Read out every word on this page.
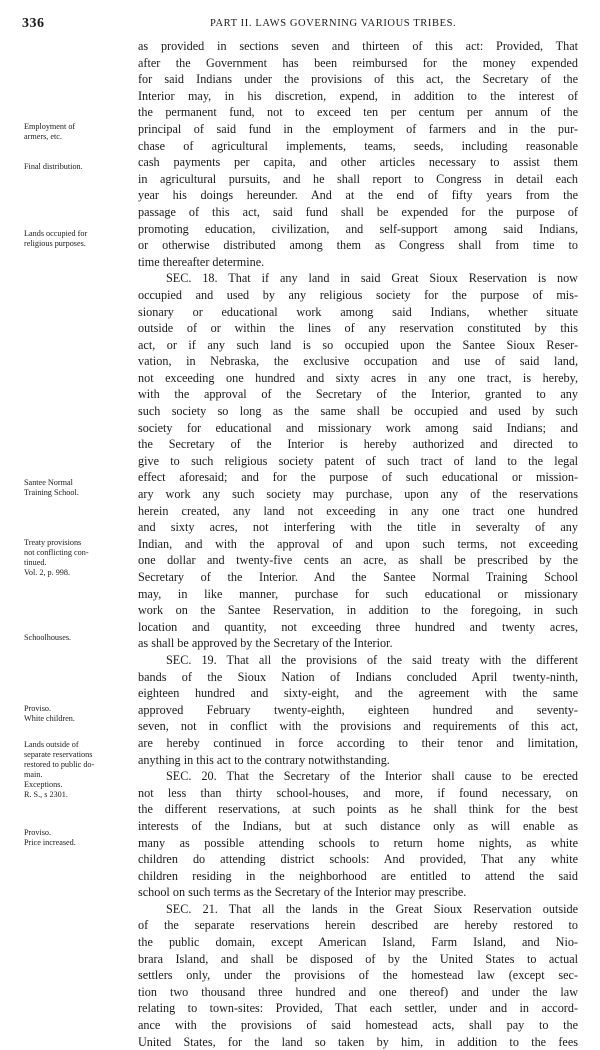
336	PART II. LAWS GOVERNING VARIOUS TRIBES.
Employment of
armers, etc.
Final distribution.
Lands occupied for
religious purposes.
Santee Normal
Training School.
Treaty provisions
not conflicting con-
tinued.
Vol. 2, p. 998.
Schoolhouses.
Proviso.
White children.
Lands outside of
separate reservations
restored to public do-
main.
Exceptions.
R. S., s 2301.
Proviso.
Price increased.
as provided in sections seven and thirteen of this act: Provided, That
after the Government has been reimbursed for the money expended
for said Indians under the provisions of this act, the Secretary of the
Interior may, in his discretion, expend, in addition to the interest of
the permanent fund, not to exceed ten per centum per annum of the
principal of said fund in the employment of farmers and in the pur-
chase of agricultural implements, teams, seeds, including reasonable
cash payments per capita, and other articles necessary to assist them
in agricultural pursuits, and he shall report to Congress in detail each
year his doings hereunder. And at the end of fifty years from the
passage of this act, said fund shall be expended for the purpose of
promoting education, civilization, and self-support among said Indians,
or otherwise distributed among them as Congress shall from time to
time thereafter determine.
SEC. 18. That if any land in said Great Sioux Reservation is now
occupied and used by any religious society for the purpose of mis-
sionary or educational work among said Indians, whether situate
outside of or within the lines of any reservation constituted by this
act, or if any such land is so occupied upon the Santee Sioux Reser-
vation, in Nebraska, the exclusive occupation and use of said land,
not exceeding one hundred and sixty acres in any one tract, is hereby,
with the approval of the Secretary of the Interior, granted to any
such society so long as the same shall be occupied and used by such
society for educational and missionary work among said Indians; and
the Secretary of the Interior is hereby authorized and directed to
give to such religious society patent of such tract of land to the legal
effect aforesaid; and for the purpose of such educational or mission-
ary work any such society may purchase, upon any of the reservations
herein created, any land not exceeding in any one tract one hundred
and sixty acres, not interfering with the title in severalty of any
Indian, and with the approval of and upon such terms, not exceeding
one dollar and twenty-five cents an acre, as shall be prescribed by the
Secretary of the Interior. And the Santee Normal Training School
may, in like manner, purchase for such educational or missionary
work on the Santee Reservation, in addition to the foregoing, in such
location and quantity, not exceeding three hundred and twenty acres,
as shall be approved by the Secretary of the Interior.
SEC. 19. That all the provisions of the said treaty with the different
bands of the Sioux Nation of Indians concluded April twenty-ninth,
eighteen hundred and sixty-eight, and the agreement with the same
approved February twenty-eighth, eighteen hundred and seventy-
seven, not in conflict with the provisions and requirements of this act,
are hereby continued in force according to their tenor and limitation,
anything in this act to the contrary notwithstanding.
SEC. 20. That the Secretary of the Interior shall cause to be erected
not less than thirty school-houses, and more, if found necessary, on
the different reservations, at such points as he shall think for the best
interests of the Indians, but at such distance only as will enable as
many as possible attending schools to return home nights, as white
children do attending district schools: And provided, That any white
children residing in the neighborhood are entitled to attend the said
school on such terms as the Secretary of the Interior may prescribe.
SEC. 21. That all the lands in the Great Sioux Reservation outside
of the separate reservations herein described are hereby restored to
the public domain, except American Island, Farm Island, and Nio-
brara Island, and shall be disposed of by the United States to actual
settlers only, under the provisions of the homestead law (except sec-
tion two thousand three hundred and one thereof) and under the law
relating to town-sites: Provided, That each settler, under and in accord-
ance with the provisions of said homestead acts, shall pay to the
United States, for the land so taken by him, in addition to the fees
